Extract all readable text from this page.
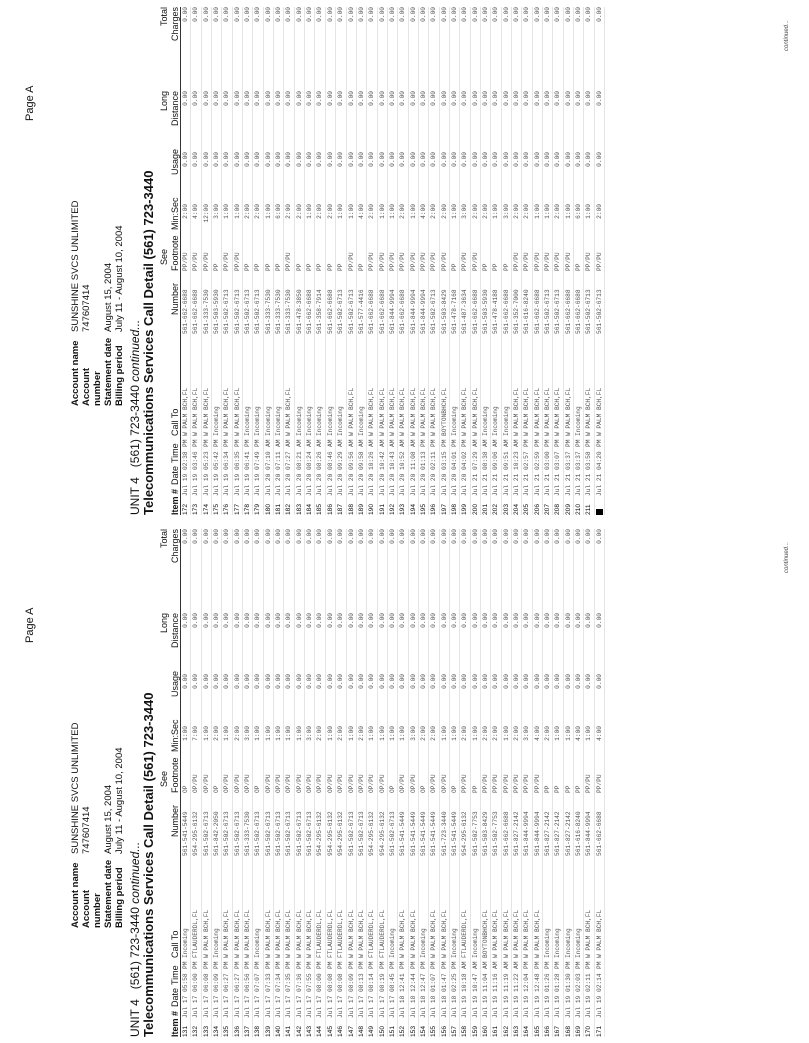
Page A
Account name
SUNSHINE SVCS UNLIMITED
Account number
747607414
Statement date
August 15, 2004
Billing period
July 11 - August 10, 2004
UNIT 4   (561) 723-3440 continued... Telecommunications Services Call Detail (561) 723-3440 Item #
Date
Time
Call To
See
Number
Footnote
Min:Sec
Usage
Long Distance
Total Charges
131
Jul 17
05:58
PM
Incoming
561-541-5449
OP
1:00
0.00
0.00
0.00
132
Jul 17
06:00
PM
FTLAUDERDL,FL
954-295-6132
OP/PU
7:00
0.00
0.00
0.00
133
Jul 17
06:08
PM
W PALM BCH,FL
561-502-6713
OP/PU
1:00
0.00
0.00
0.00
134
Jul 17
06:09
PM
Incoming
561-842-2050
OP
2:00
0.00
0.00
0.00
135
Jul 17
06:27
PM
W PALM BCH,FL
561-502-6713
OP/PU
1:00
0.00
0.00
0.00
136
Jul 17
06:27
PM
W PALM BCH,FL
561-502-6713
OP/PU
2:00
0.00
0.00
0.00
137
Jul 17
06:56
PM
W PALM BCH,FL
561-333-7530
OP/PU
3:00
0.00
0.00
0.00
138
Jul 17
07:07
PM
Incoming
561-502-6713
OP
1:00
0.00
0.00
0.00
139
Jul 17
07:33
PM
W PALM BCH,FL
561-502-6713
OP/PU
1:00
0.00
0.00
0.00
140
Jul 17
07:34
PM
W PALM BCH,FL
561-502-6713
OP/PU
1:00
0.00
0.00
0.00
141
Jul 17
07:35
PM
W PALM BCH,FL
561-502-6713
OP/PU
1:00
0.00
0.00
0.00
142
Jul 17
07:36
PM
W PALM BCH,FL
561-502-6713
OP/PU
1:00
0.00
0.00
0.00
143
Jul 17
07:55
PM
W PALM BCH,FL
561-502-6713
OP/PU
3:00
0.00
0.00
0.00
144
Jul 17
08:00
PM
FTLAUDERDL,FL
954-295-6132
OP/PU
2:00
0.00
0.00
0.00
145
Jul 17
08:08
PM
FTLAUDERDL,FL
954-295-6132
OP/PU
1:00
0.00
0.00
0.00
146
Jul 17
08:08
PM
FTLAUDERDL,FL
954-295-6132
OP/PU
2:00
0.00
0.00
0.00
147
Jul 17
08:09
PM
W PALM BCH,FL
561-502-6713
OP/PU
1:00
0.00
0.00
0.00
148
Jul 17
08:13
PM
W PALM BCH,FL
561-502-6713
OP/PU
2:00
0.00
0.00
0.00
149
Jul 17
08:14
PM
FTLAUDERDL,FL
954-295-6132
OP/PU
1:00
0.00
0.00
0.00
150
Jul 17
08:19
PM
FTLAUDERDL,FL
954-295-6132
OP/PU
1:00
0.00
0.00
0.00
151
Jul 17
08:45
PM
Incoming
561-502-6713
OP
1:00
0.00
0.00
0.00
152
Jul 18
12:41
PM
W PALM BCH,FL
561-541-5449
OP/PU
1:00
0.00
0.00
0.00
153
Jul 18
12:44
PM
W PALM BCH,FL
561-541-5449
OP/PU
3:00
0.00
0.00
0.00
154
Jul 18
12:47
PM
Incoming
561-541-5449
OP
2:00
0.00
0.00
0.00
155
Jul 18
01:07
PM
W PALM BCH,FL
561-541-5449
OP/PU
2:00
0.00
0.00
0.00
156
Jul 18
01:47
PM
W PALM BCH,FL
561-723-3440
OP/PU
1:00
0.00
0.00
0.00
157
Jul 18
02:25
PM
Incoming
561-541-5449
OP
1:00
0.00
0.00
0.00
158
Jul 19
10:18
AM
FTLAUDERDL,FL
954-295-6132
PP/PU
2:00
0.00
0.00
0.00
159
Jul 19
10:47
AM
Incoming
561-502-7753
PP
1:00
0.00
0.00
0.00
160
Jul 19
11:04
AM
BOYTONBHCH,FL
561-503-8429
PP/PU
2:00
0.00
0.00
0.00
161
Jul 19
11:16
AM
W PALM BCH,FL
561-502-7753
PP/PU
2:00
0.00
0.00
0.00
162
Jul 19
11:19
AM
W PALM BCH,FL
561-662-6688
PP/PU
1:00
0.00
0.00
0.00
163
Jul 19
11:22
AM
W PALM BCH,FL
561-827-2142
PP/PU
2:00
0.00
0.00
0.00
164
Jul 19
12:04
PM
W PALM BCH,FL
561-844-9994
PP/PU
3:00
0.00
0.00
0.00
165
Jul 19
12:48
PM
W PALM BCH,FL
561-844-9994
PP/PU
4:00
0.00
0.00
0.00
166
Jul 19
01:26
PM
Incoming
561-827-2142
PP
2:00
0.00
0.00
0.00
167
Jul 19
01:28
PM
Incoming
561-827-2142
PP
1:00
0.00
0.00
0.00
168
Jul 19
01:30
PM
Incoming
561-827-2142
PP
1:00
0.00
0.00
0.00
169
Jul 19
02:03
PM
Incoming
561-616-8240
PP
4:00
0.00
0.00
0.00
170
Jul 19
02:11
PM
W PALM BCH,FL
561-844-9994
PP/PU
1:00
0.00
0.00
0.00
171
Jul 19
02:14
PM
W PALM BCH,FL
561-662-6688
PP/PU
4:00
0.00
0.00
0.00
continued...
Page A
Account name
SUNSHINE SVCS UNLIMITED
Account number
747607414
Statement date
August 15, 2004
Billing period
July 11 - August 10, 2004
UNIT 4   (561) 723-3440 continued... Telecommunications Services Call Detail (561) 723-3440 Item #
Date
Time
Call To
See
Number
Footnote
Min:Sec
Usage
Long Distance
Total Charges
172
Jul 19
02:38
PM
W PALM BCH,FL
561-662-6688
PP/PU
2:00
0.00
0.00
0.00
173
Jul 19
03:46
PM
W PALM BCH,FL
561-662-6688
PP/PU
4:00
0.00
0.00
0.00
174
Jul 19
05:23
PM
W PALM BCH,FL
561-333-7530
PP/PU
12:00
0.00
0.00
0.00
175
Jul 19
05:42
PM
Incoming
561-503-5930
PP
3:00
0.00
0.00
0.00
176
Jul 19
06:34
PM
W PALM BCH,FL
561-502-6713
PP/PU
1:00
0.00
0.00
0.00
177
Jul 19
06:35
PM
W PALM BCH,FL
561-502-6713
PP/PU
1:00
0.00
0.00
0.00
178
Jul 19
06:41
PM
Incoming
561-502-6713
PP
2:00
0.00
0.00
0.00
179
Jul 19
07:49
PM
Incoming
561-502-6713
PP
2:00
0.00
0.00
0.00
180
Jul 20
07:10
AM
Incoming
561-333-7530
PP
1:00
0.00
0.00
0.00
181
Jul 20
07:11
AM
Incoming
561-333-7530
PP
6:00
0.00
0.00
0.00
182
Jul 20
07:27
AM
W PALM BCH,FL
561-333-7530
PP/PU
2:00
0.00
0.00
0.00
183
Jul 20
08:21
AM
Incoming
561-478-3850
PP
2:00
0.00
0.00
0.00
184
Jul 20
08:24
AM
Incoming
561-662-6688
PP
1:00
0.00
0.00
0.00
185
Jul 20
08:26
AM
Incoming
561-358-7914
PP
2:00
0.00
0.00
0.00
186
Jul 20
08:46
AM
Incoming
561-662-6688
PP
2:00
0.00
0.00
0.00
187
Jul 20
09:29
AM
Incoming
561-502-6713
PP
1:00
0.00
0.00
0.00
188
Jul 20
09:56
AM
W PALM BCH,FL
561-502-6713
PP/PU
1:00
0.00
0.00
0.00
189
Jul 20
09:58
AM
Incoming
561-577-4416
PP
4:00
0.00
0.00
0.00
190
Jul 20
10:26
AM
W PALM BCH,FL
561-662-6688
PP/PU
2:00
0.00
0.00
0.00
191
Jul 20
10:42
AM
W PALM BCH,FL
561-662-6688
PP/PU
1:00
0.00
0.00
0.00
192
Jul 20
10:43
AM
W PALM BCH,FL
561-844-9994
PP/PU
1:00
0.00
0.00
0.00
193
Jul 20
10:52
AM
W PALM BCH,FL
561-662-6688
PP/PU
2:00
0.00
0.00
0.00
194
Jul 20
11:08
AM
W PALM BCH,FL
561-844-9994
PP/PU
1:00
0.00
0.00
0.00
195
Jul 20
01:13
PM
W PALM BCH,FL
561-844-9994
PP/PU
4:00
0.00
0.00
0.00
196
Jul 20
02:11
PM
W PALM BCH,FL
561-502-6713
PP/PU
2:00
0.00
0.00
0.00
197
Jul 20
03:15
PM
BOYTONBHCH,FL
561-503-8429
PP/PU
2:00
0.00
0.00
0.00
198
Jul 20
04:01
PM
Incoming
561-478-7168
PP
1:00
0.00
0.00
0.00
199
Jul 20
04:02
PM
W PALM BCH,FL
561-487-3634
PP/PU
3:00
0.00
0.00
0.00
200
Jul 21
07:29
AM
W PALM BCH,FL
561-662-6688
PP/PU
2:00
0.00
0.00
0.00
201
Jul 21
08:38
AM
Incoming
561-503-5930
PP
2:00
0.00
0.00
0.00
202
Jul 21
09:06
AM
Incoming
561-478-4188
PP
1:00
0.00
0.00
0.00
203
Jul 21
09:51
AM
Incoming
561-662-6688
PP
3:00
0.00
0.00
0.00
204
Jul 21
10:23
AM
W PALM BCH,FL
561-352-7000
PP/PU
2:00
0.00
0.00
0.00
205
Jul 21
02:57
PM
W PALM BCH,FL
561-616-8240
PP/PU
2:00
0.00
0.00
0.00
206
Jul 21
02:59
PM
W PALM BCH,FL
561-662-6688
PP/PU
1:00
0.00
0.00
0.00
207
Jul 21
03:00
PM
W PALM BCH,FL
561-502-6713
PP/PU
1:00
0.00
0.00
0.00
208
Jul 21
03:07
PM
W PALM BCH,FL
561-502-6713
PP/PU
2:00
0.00
0.00
0.00
209
Jul 21
03:37
PM
W PALM BCH,FL
561-662-6688
PP/PU
1:00
0.00
0.00
0.00
210
Jul 21
03:37
PM
Incoming
561-662-6688
PP
6:00
0.00
0.00
0.00
211
Jul 21
03:58
PM
W PALM BCH,FL
561-502-6713
PP/PU
1:00
0.00
0.00
0.00
Jul 21
04:20
PM
W PALM BCH,FL
561-502-6713
PP/PU
2:00
0.00
0.00
0.00
continued...
